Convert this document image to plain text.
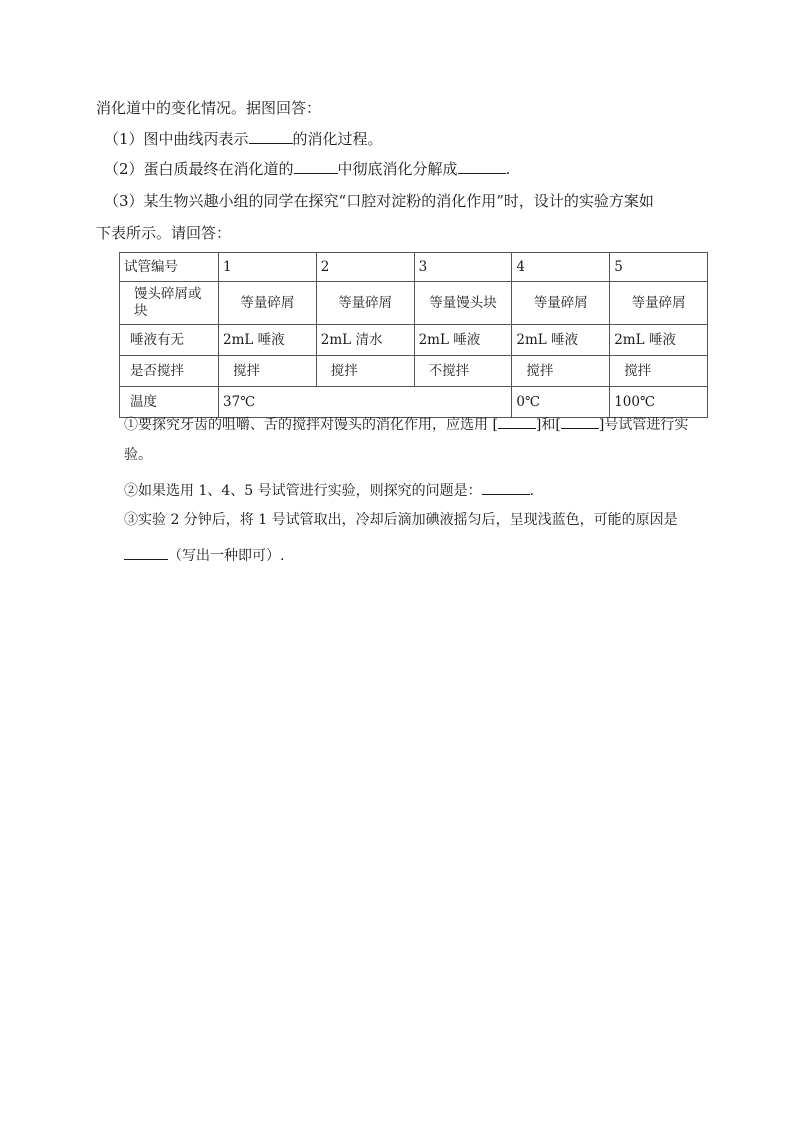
消化道中的变化情况。据图回答：
（1）图中曲线丙表示	的消化过程。
（2）蛋白质最终在消化道的	中彻底消化分解成	.
（3）某生物兴趣小组的同学在探究“口腔对淀粉的消化作用”时，设计的实验方案如
下表所示。请回答：
试管编号	1	2	3	4	5
馒头碎屑或块	等量碎屑	等量碎屑	等量馒头块	等量碎屑	等量碎屑
唾液有无	2mL 唾液	2mL 清水	2mL 唾液	2mL 唾液	2mL 唾液
是否搅拌	搅拌	搅拌	不搅拌	搅拌	搅拌
温度	37℃			0℃	100℃
①要探究牙齿的咀嚼、舌的搅拌对馒头的消化作用，应选用 [	]和[	]号试管进行实
验。
②如果选用 1、4、5 号试管进行实验，则探究的问题是：	.
③实验 2 分钟后，将 1 号试管取出，冷却后滴加碘液摇匀后，呈现浅蓝色，可能的原因是
（写出一种即可）.
